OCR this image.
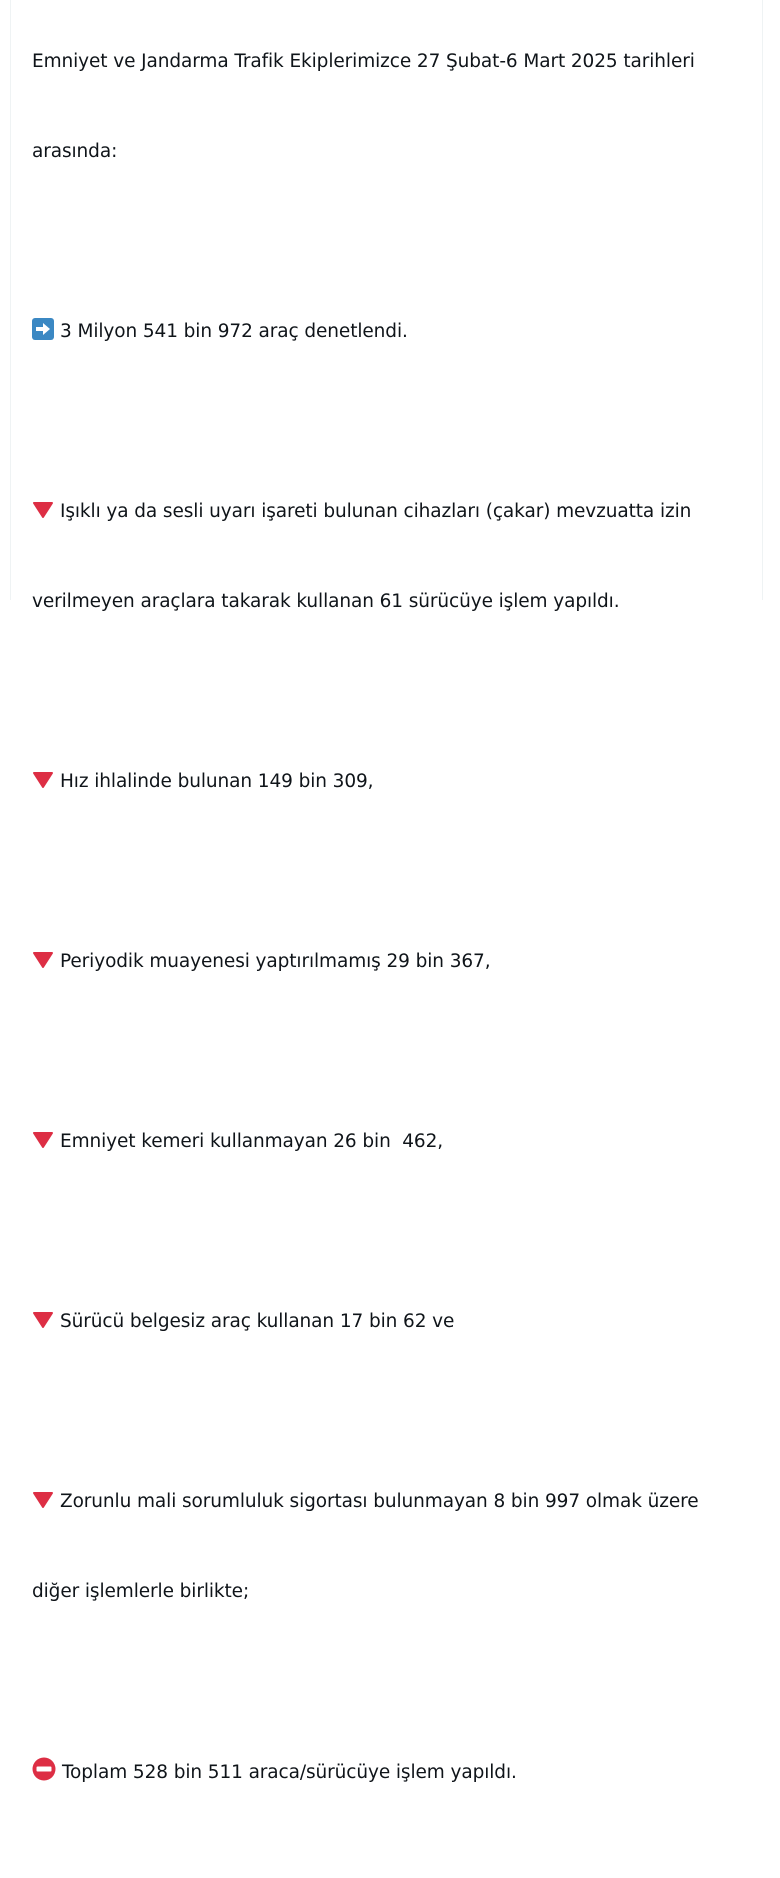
Emniyet ve Jandarma Trafik Ekiplerimizce 27 Şubat-6 Mart 2025 tarihleri

arasında:

3 Milyon 541 bin 972 araç denetlendi.

Işıklı ya da sesli uyarı işareti bulunan cihazları (çakar) mevzuatta izin

verilmeyen araçlara takarak kullanan 61 sürücüye işlem yapıldı.

Hız ihlalinde bulunan 149 bin 309,

Periyodik muayenesi yaptırılmamış 29 bin 367,

Emniyet kemeri kullanmayan 26 bin  462,

Sürücü belgesiz araç kullanan 17 bin 62 ve

Zorunlu mali sorumluluk sigortası bulunmayan 8 bin 997 olmak üzere

diğer işlemlerle birlikte;

Toplam 528 bin 511 araca/sürücüye işlem yapıldı.
